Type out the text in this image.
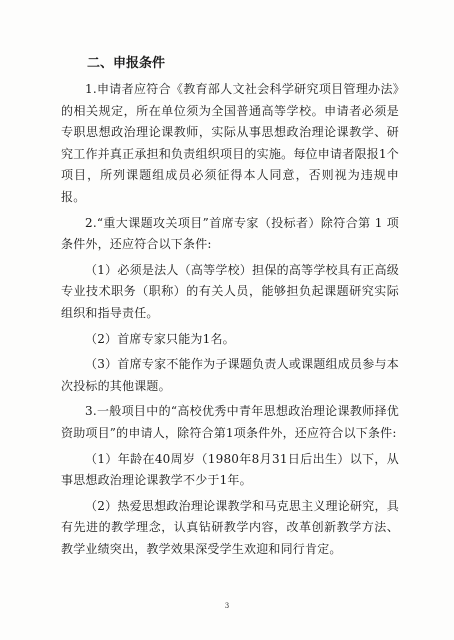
二、申报条件

1.申请者应符合《教育部人文社会科学研究项目管理办法》的相关规定，所在单位须为全国普通高等学校。申请者必须是专职思想政治理论课教师，实际从事思想政治理论课教学、研究工作并真正承担和负责组织项目的实施。每位申请者限报1个项目，所列课题组成员必须征得本人同意，否则视为违规申报。

2.“重大课题攻关项目”首席专家（投标者）除符合第 1 项条件外，还应符合以下条件:

（1）必须是法人（高等学校）担保的高等学校具有正高级专业技术职务（职称）的有关人员，能够担负起课题研究实际组织和指导责任。

（2）首席专家只能为1名。

（3）首席专家不能作为子课题负责人或课题组成员参与本次投标的其他课题。

3.一般项目中的“高校优秀中青年思想政治理论课教师择优资助项目”的申请人，除符合第1项条件外，还应符合以下条件:

（1）年龄在40周岁（1980年8月31日后出生）以下，从事思想政治理论课教学不少于1年。

（2）热爱思想政治理论课教学和马克思主义理论研究，具有先进的教学理念，认真钻研教学内容，改革创新教学方法、教学业绩突出，教学效果深受学生欢迎和同行肯定。

3
